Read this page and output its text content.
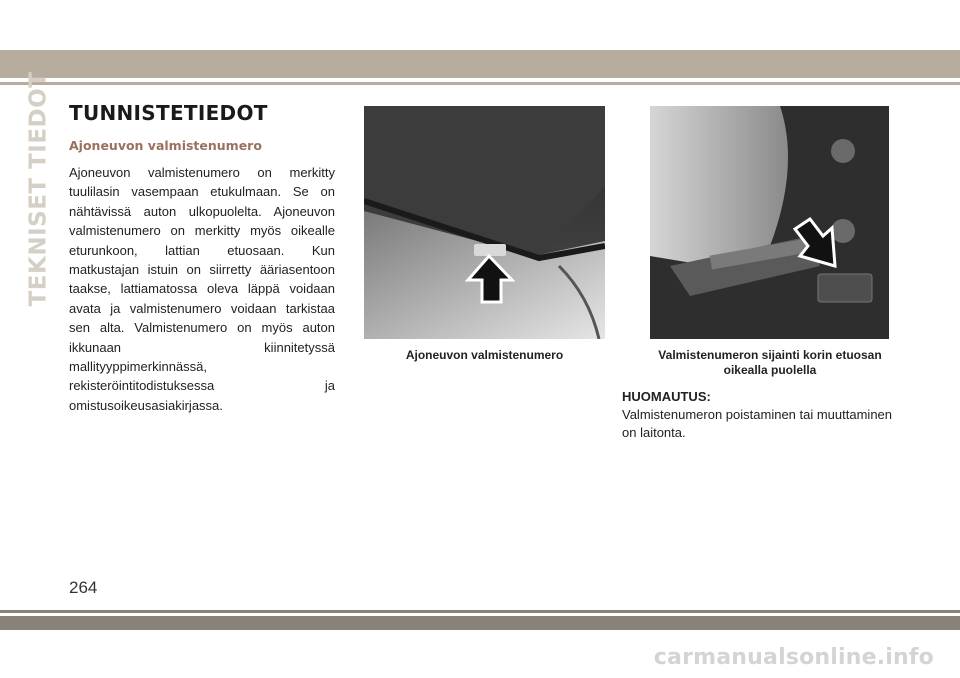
TEKNISET TIEDOT TUNNISTETIEDOT
Ajoneuvon valmistenumero

Ajoneuvon valmistenumero on merkitty tuulilasin vasempaan etukulmaan. Se on nähtävissä auton ulkopuolelta. Ajoneuvon valmistenumero on merkitty myös oikealle eturunkoon, lattian etuosaan. Kun matkustajan istuin on siirretty ääriasentoon taakse, lattiamatossa oleva läppä voidaan avata ja valmistenumero voidaan tarkistaa sen alta. Valmistenumero on myös auton ikkunaan kiinnitetyssä mallityyppimerkinnässä, rekisteröintitodistuksessa ja omistusoikeusasiakirjassa.

Ajoneuvon valmistenumero	Valmistenumeron sijainti korin etuosan oikealla puolella

HUOMAUTUS:

Valmistenumeron poistaminen tai muuttaminen on laitonta.

264

carmanualsonline.info
